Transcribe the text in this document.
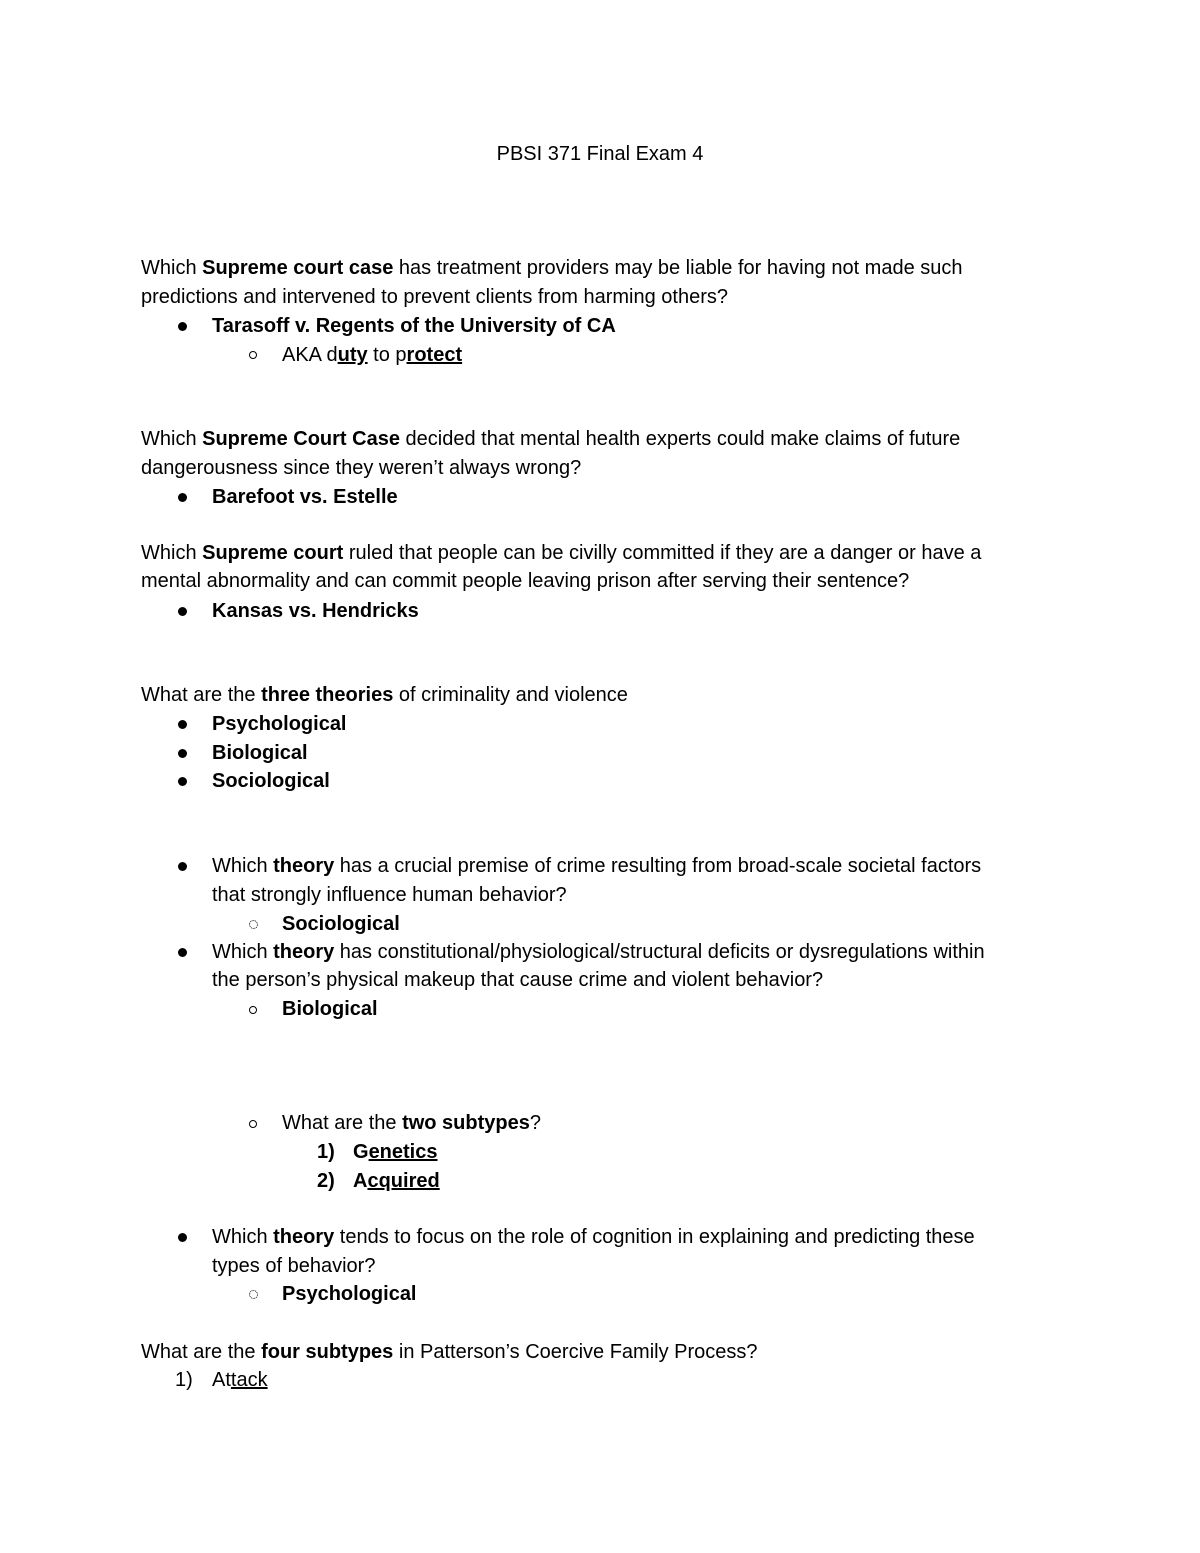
PBSI 371 Final Exam 4
Which Supreme court case has treatment providers may be liable for having not made such
predictions and intervened to prevent clients from harming others?
Tarasoff v. Regents of the University of CA
AKA duty to protect
Which Supreme Court Case decided that mental health experts could make claims of future
dangerousness since they weren’t always wrong?
Barefoot vs. Estelle
Which Supreme court ruled that people can be civilly committed if they are a danger or have a
mental abnormality and can commit people leaving prison after serving their sentence?
Kansas vs. Hendricks
What are the three theories of criminality and violence
Psychological
Biological
Sociological
Which theory has a crucial premise of crime resulting from broad-scale societal factors
that strongly influence human behavior?
Sociological
Which theory has constitutional/physiological/structural deficits or dysregulations within
the person’s physical makeup that cause crime and violent behavior?
Biological
What are the two subtypes?
1) Genetics
2) Acquired
Which theory tends to focus on the role of cognition in explaining and predicting these
types of behavior?
Psychological
What are the four subtypes in Patterson’s Coercive Family Process?
1) Attack
